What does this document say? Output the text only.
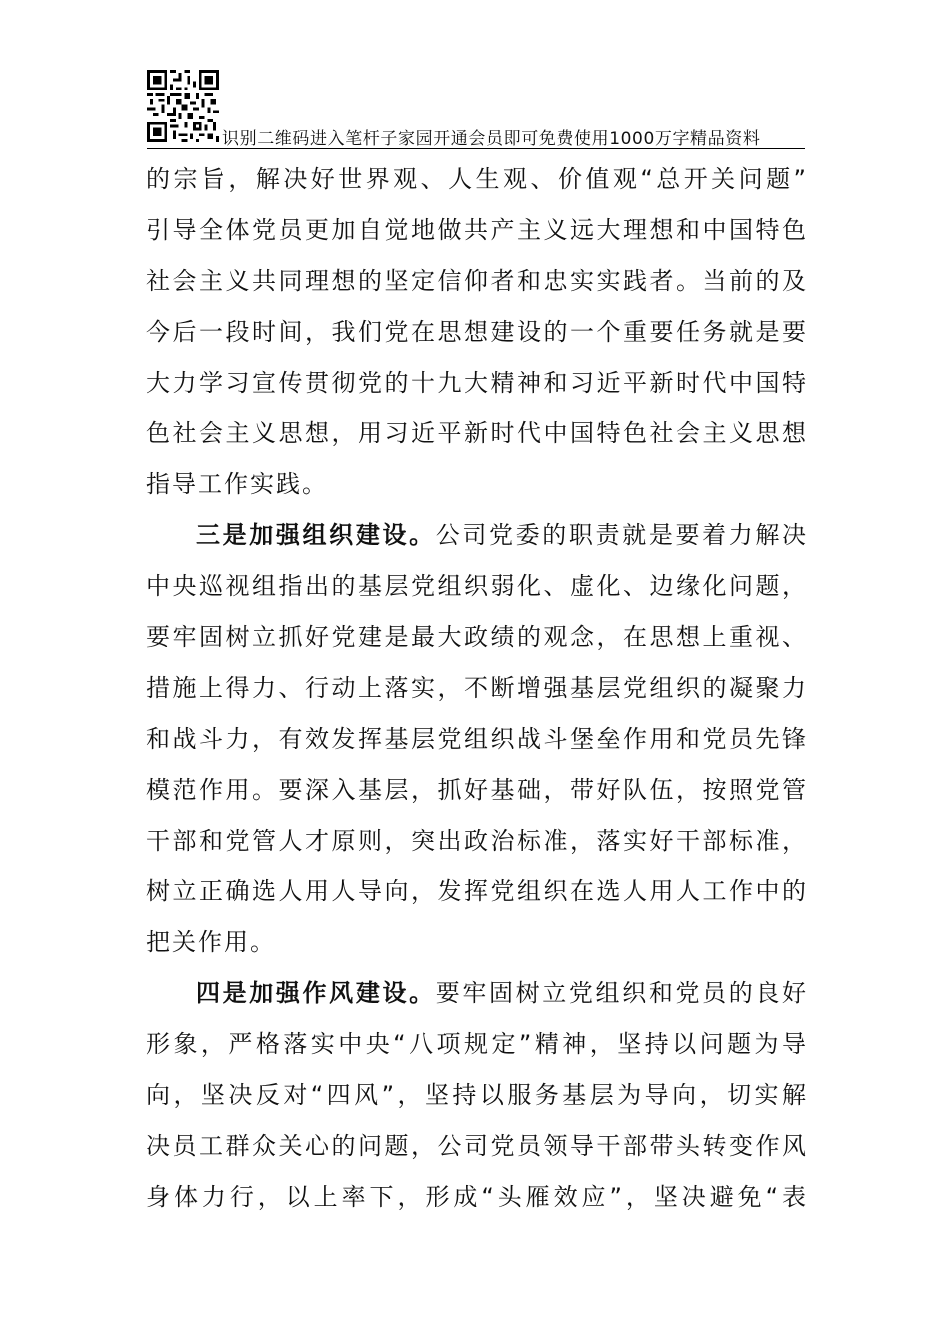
识别二维码进入笔杆子家园开通会员即可免费使用1000万字精品资料
的宗旨，解决好世界观、人生观、价值观“总开关问题”
引导全体党员更加自觉地做共产主义远大理想和中国特色
社会主义共同理想的坚定信仰者和忠实实践者。当前的及
今后一段时间，我们党在思想建设的一个重要任务就是要
大力学习宣传贯彻党的十九大精神和习近平新时代中国特
色社会主义思想，用习近平新时代中国特色社会主义思想
指导工作实践。
三是加强组织建设。公司党委的职责就是要着力解决
中央巡视组指出的基层党组织弱化、虚化、边缘化问题，
要牢固树立抓好党建是最大政绩的观念，在思想上重视、
措施上得力、行动上落实，不断增强基层党组织的凝聚力
和战斗力，有效发挥基层党组织战斗堡垒作用和党员先锋
模范作用。要深入基层，抓好基础，带好队伍，按照党管
干部和党管人才原则，突出政治标准，落实好干部标准，
树立正确选人用人导向，发挥党组织在选人用人工作中的
把关作用。
四是加强作风建设。要牢固树立党组织和党员的良好
形象，严格落实中央“八项规定”精神，坚持以问题为导
向，坚决反对“四风”，坚持以服务基层为导向，切实解
决员工群众关心的问题，公司党员领导干部带头转变作风
身体力行，以上率下，形成“头雁效应”，坚决避免“表
